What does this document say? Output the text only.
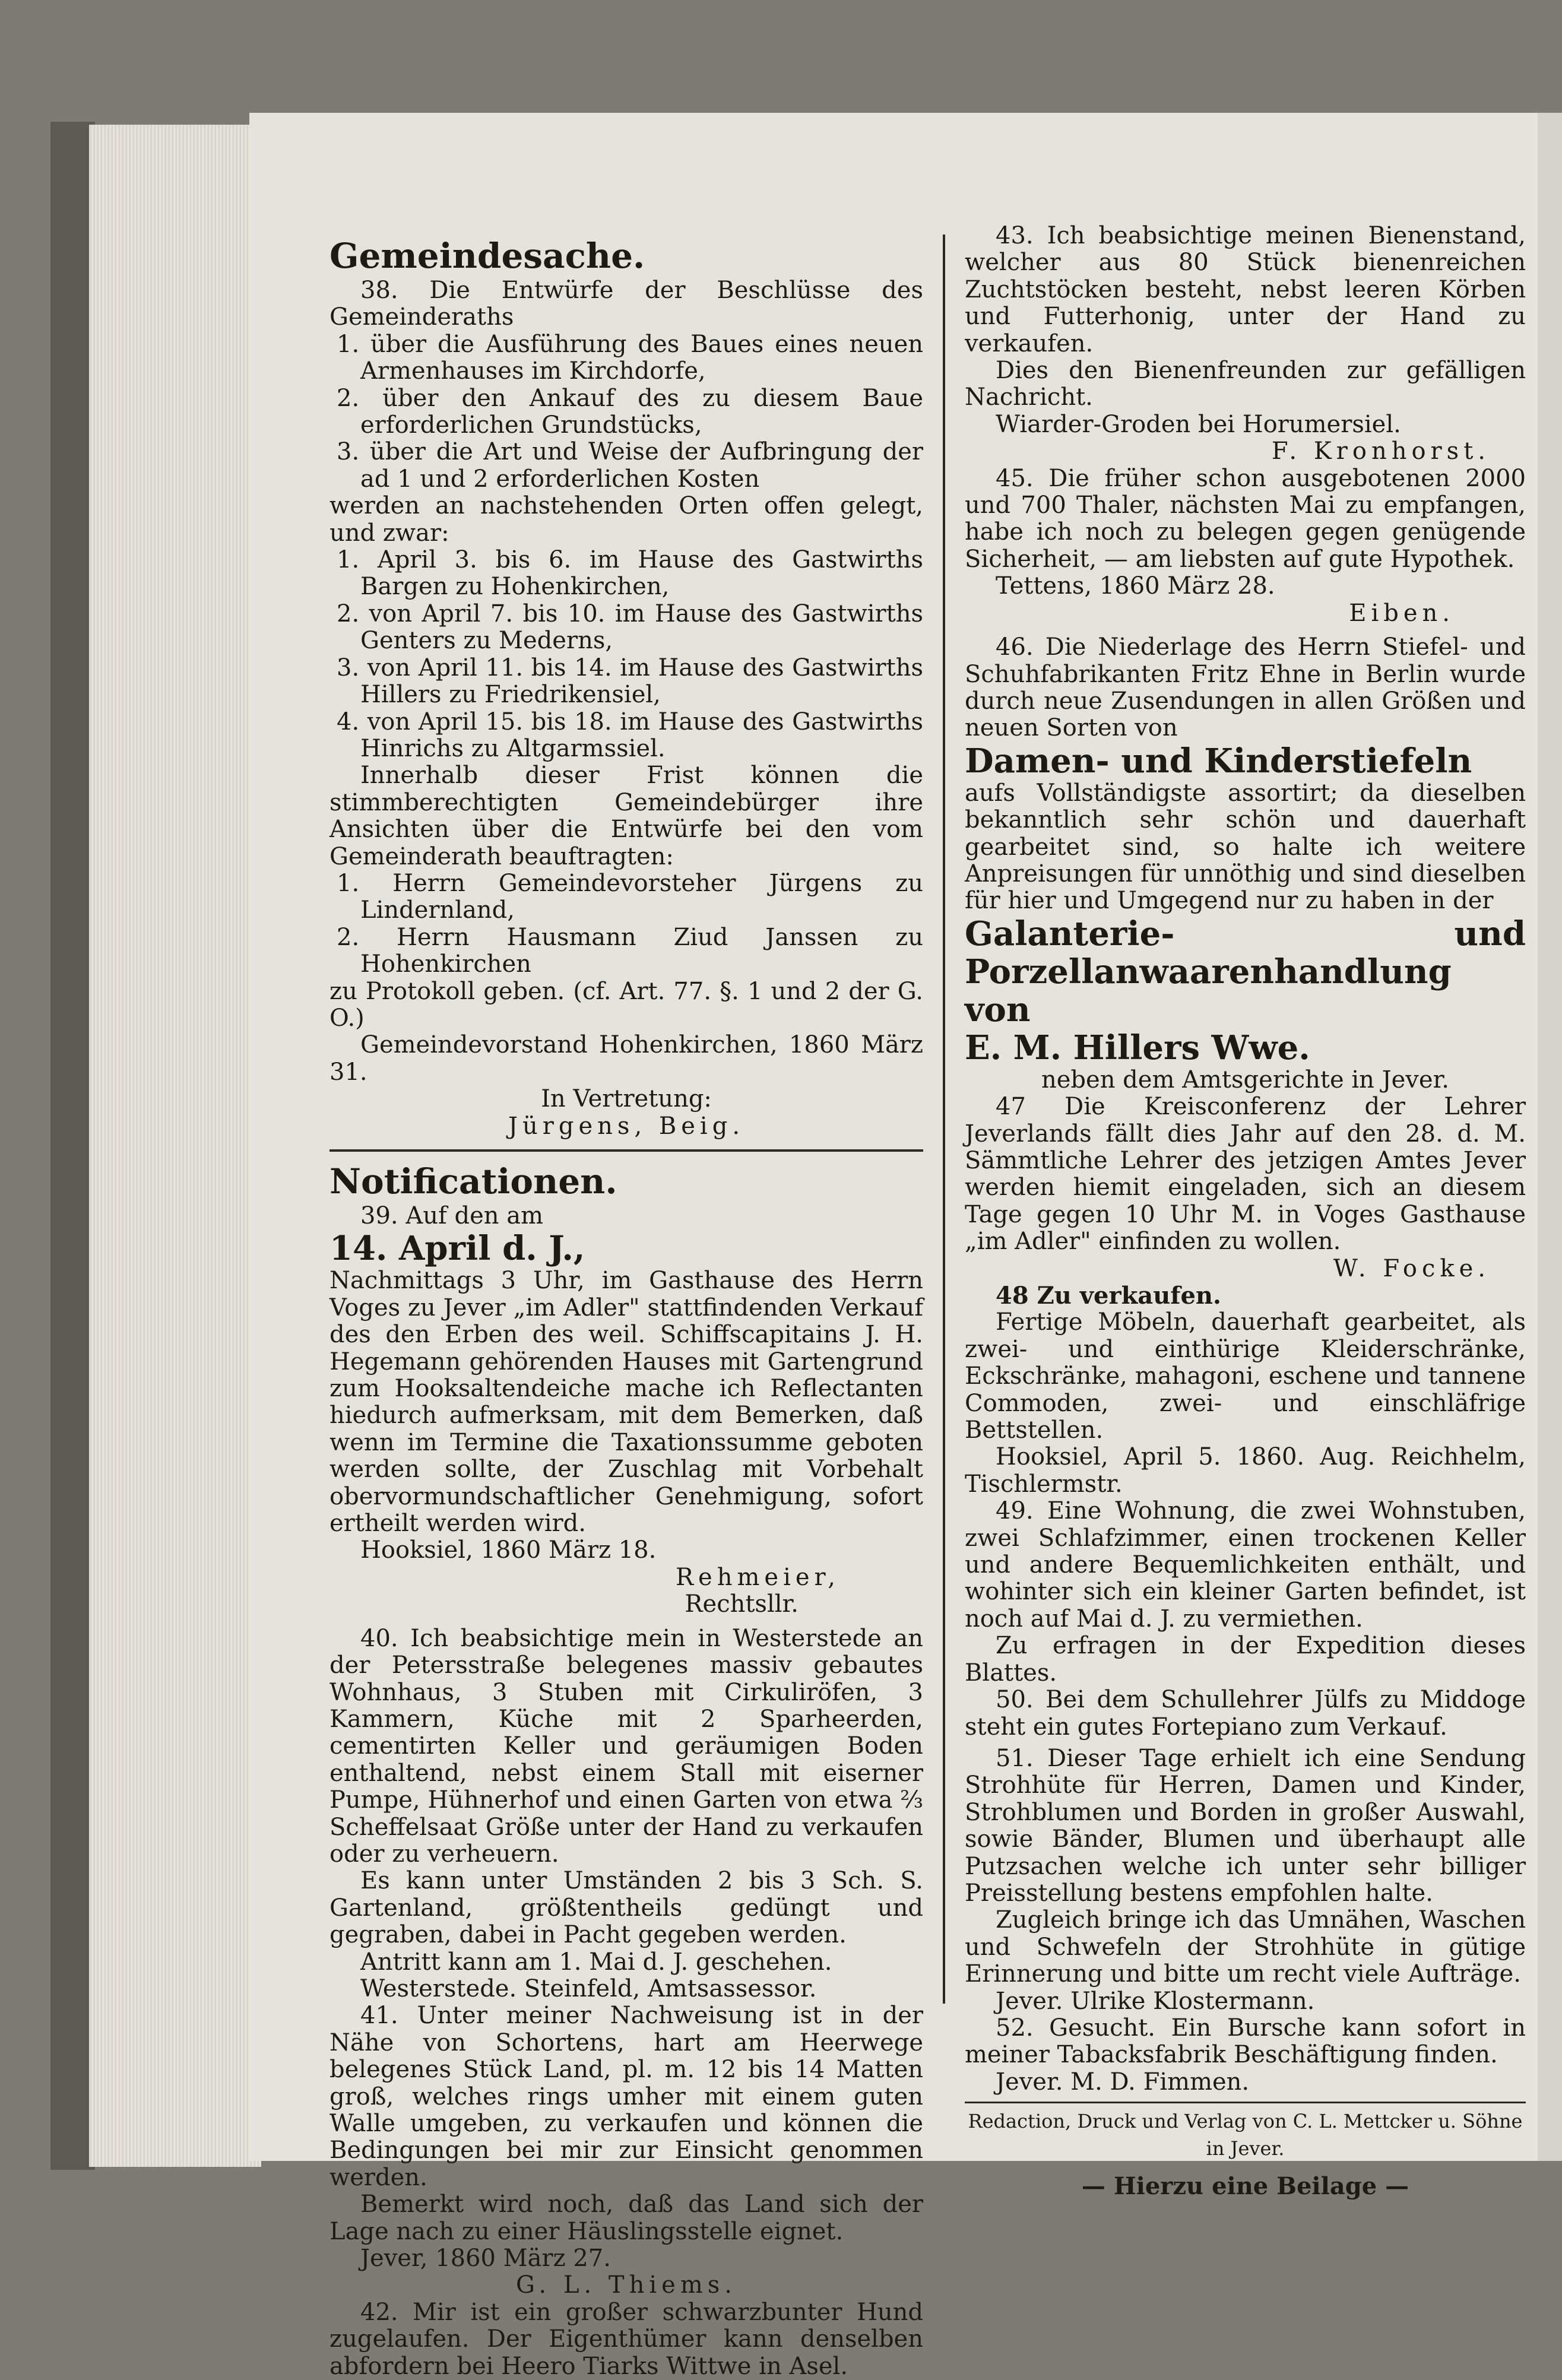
Gemeindesache.

38. Die Entwürfe der Beschlüsse des Gemeinderaths

1. über die Ausführung des Baues eines neuen Armenhauses im Kirchdorfe,

2. über den Ankauf des zu diesem Baue erforderlichen Grundstücks,

3. über die Art und Weise der Aufbringung der ad 1 und 2 erforderlichen Kosten

werden an nachstehenden Orten offen gelegt, und zwar:

1. April 3. bis 6. im Hause des Gastwirths Bargen zu Hohenkirchen,

2. von April 7. bis 10. im Hause des Gastwirths Genters zu Mederns,

3. von April 11. bis 14. im Hause des Gastwirths Hillers zu Friedrikensiel,

4. von April 15. bis 18. im Hause des Gastwirths Hinrichs zu Altgarmssiel.

Innerhalb dieser Frist können die stimmberechtigten Gemeindebürger ihre Ansichten über die Entwürfe bei den vom Gemeinderath beauftragten:

1. Herrn Gemeindevorsteher Jürgens zu Lindernland,

2. Herrn Hausmann Ziud Janssen zu Hohenkirchen

zu Protokoll geben. (cf. Art. 77. §. 1 und 2 der G. O.)

Gemeindevorstand Hohenkirchen, 1860 März 31.

In Vertretung:

Jürgens, Beig.

Notificationen.

39. Auf den am

14. April d. J.,

Nachmittags 3 Uhr, im Gasthause des Herrn Voges zu Jever „im Adler" stattfindenden Verkauf des den Erben des weil. Schiffscapitains J. H. Hegemann gehörenden Hauses mit Gartengrund zum Hooksaltendeiche mache ich Reflectanten hiedurch aufmerksam, mit dem Bemerken, daß wenn im Termine die Taxationssumme geboten werden sollte, der Zuschlag mit Vorbehalt obervormundschaftlicher Genehmigung, sofort ertheilt werden wird.

Hooksiel, 1860 März 18.

Rehmeier,

Rechtsllr.

40. Ich beabsichtige mein in Westerstede an der Petersstraße belegenes massiv gebautes Wohnhaus, 3 Stuben mit Cirkuliröfen, 3 Kammern, Küche mit 2 Sparheerden, cementirten Keller und geräumigen Boden enthaltend, nebst einem Stall mit eiserner Pumpe, Hühnerhof und einen Garten von etwa ⅔ Scheffelsaat Größe unter der Hand zu verkaufen oder zu verheuern.

Es kann unter Umständen 2 bis 3 Sch. S. Gartenland, größtentheils gedüngt und gegraben, dabei in Pacht gegeben werden.

Antritt kann am 1. Mai d. J. geschehen.

Westerstede. Steinfeld, Amtsassessor.

41. Unter meiner Nachweisung ist in der Nähe von Schortens, hart am Heerwege belegenes Stück Land, pl. m. 12 bis 14 Matten groß, welches rings umher mit einem guten Walle umgeben, zu verkaufen und können die Bedingungen bei mir zur Einsicht genommen werden.

Bemerkt wird noch, daß das Land sich der Lage nach zu einer Häuslingsstelle eignet.

Jever, 1860 März 27.

G. L. Thiems.

42. Mir ist ein großer schwarzbunter Hund zugelaufen. Der Eigenthümer kann denselben abfordern bei Heero Tiarks Wittwe in Asel.

43. Ich beabsichtige meinen Bienenstand, welcher aus 80 Stück bienenreichen Zuchtstöcken besteht, nebst leeren Körben und Futterhonig, unter der Hand zu verkaufen.

Dies den Bienenfreunden zur gefälligen Nachricht.

Wiarder-Groden bei Horumersiel.

F. Kronhorst.

45. Die früher schon ausgebotenen 2000 und 700 Thaler, nächsten Mai zu empfangen, habe ich noch zu belegen gegen genügende Sicherheit, — am liebsten auf gute Hypothek.

Tettens, 1860 März 28.

Eiben.

46. Die Niederlage des Herrn Stiefel- und Schuhfabrikanten Fritz Ehne in Berlin wurde durch neue Zusendungen in allen Größen und neuen Sorten von

Damen- und Kinderstiefeln

aufs Vollständigste assortirt; da dieselben bekanntlich sehr schön und dauerhaft gearbeitet sind, so halte ich weitere Anpreisungen für unnöthig und sind dieselben für hier und Umgegend nur zu haben in der

Galanterie- und Porzellanwaarenhandlung von

E. M. Hillers Wwe.

neben dem Amtsgerichte in Jever.

47 Die Kreisconferenz der Lehrer Jeverlands fällt dies Jahr auf den 28. d. M. Sämmtliche Lehrer des jetzigen Amtes Jever werden hiemit eingeladen, sich an diesem Tage gegen 10 Uhr M. in Voges Gasthause „im Adler" einfinden zu wollen.

W. Focke.

48 Zu verkaufen.

Fertige Möbeln, dauerhaft gearbeitet, als zwei- und einthürige Kleiderschränke, Eckschränke, mahagoni, eschene und tannene Commoden, zwei- und einschläfrige Bettstellen.

Hooksiel, April 5. 1860. Aug. Reichhelm, Tischlermstr.

49. Eine Wohnung, die zwei Wohnstuben, zwei Schlafzimmer, einen trockenen Keller und andere Bequemlichkeiten enthält, und wohinter sich ein kleiner Garten befindet, ist noch auf Mai d. J. zu vermiethen.

Zu erfragen in der Expedition dieses Blattes.

50. Bei dem Schullehrer Jülfs zu Middoge steht ein gutes Fortepiano zum Verkauf.

51. Dieser Tage erhielt ich eine Sendung Strohhüte für Herren, Damen und Kinder, Strohblumen und Borden in großer Auswahl, sowie Bänder, Blumen und überhaupt alle Putzsachen welche ich unter sehr billiger Preisstellung bestens empfohlen halte.

Zugleich bringe ich das Umnähen, Waschen und Schwefeln der Strohhüte in gütige Erinnerung und bitte um recht viele Aufträge.

Jever. Ulrike Klostermann.

52. Gesucht. Ein Bursche kann sofort in meiner Tabacksfabrik Beschäftigung finden.

Jever. M. D. Fimmen.

Redaction, Druck und Verlag von C. L. Mettcker u. Söhne in Jever.

— Hierzu eine Beilage —
